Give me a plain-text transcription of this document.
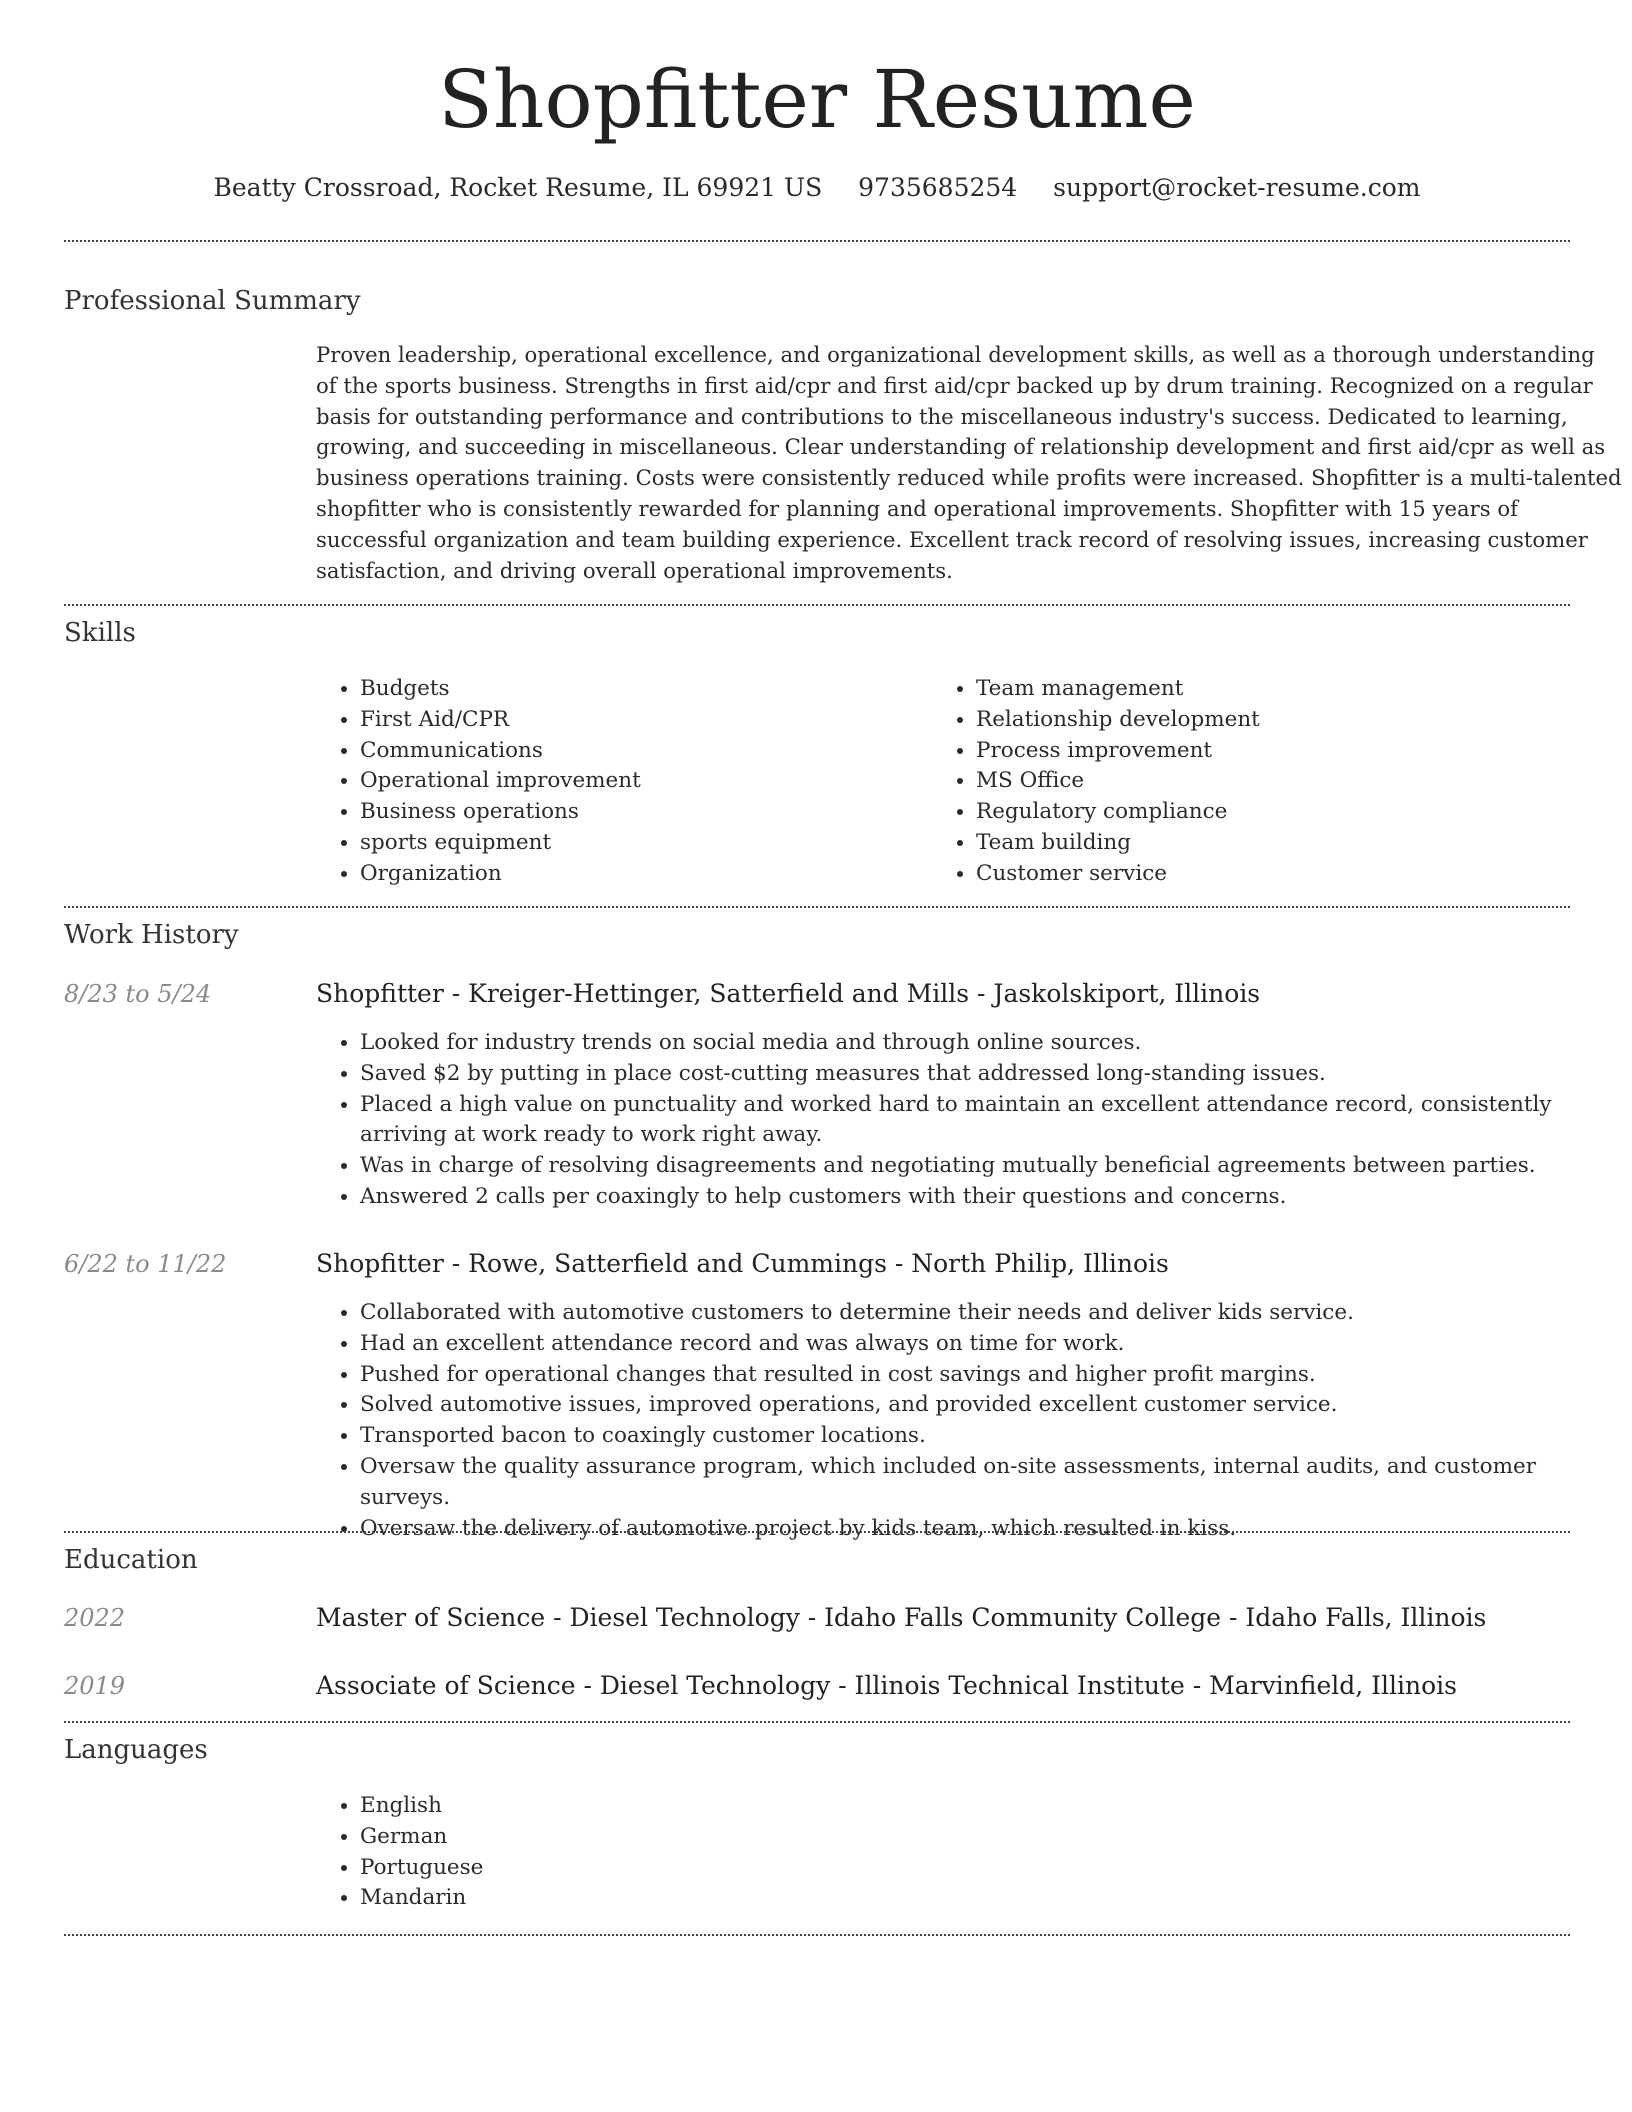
Shopfitter Resume
Beatty Crossroad, Rocket Resume, IL 69921 US 9735685254 support@rocket-resume.com
Professional Summary

Proven leadership, operational excellence, and organizational development skills, as well as a thorough understanding of the sports business. Strengths in first aid/cpr and first aid/cpr backed up by drum training. Recognized on a regular basis for outstanding performance and contributions to the miscellaneous industry's success. Dedicated to learning, growing, and succeeding in miscellaneous. Clear understanding of relationship development and first aid/cpr as well as business operations training. Costs were consistently reduced while profits were increased. Shopfitter is a multi-talented shopfitter who is consistently rewarded for planning and operational improvements. Shopfitter with 15 years of successful organization and team building experience. Excellent track record of resolving issues, increasing customer satisfaction, and driving overall operational improvements.

Skills
• Budgets
• First Aid/CPR
• Communications
• Operational improvement
• Business operations
• sports equipment
• Organization
• Team management
• Relationship development
• Process improvement
• MS Office
• Regulatory compliance
• Team building
• Customer service
Work History
8/23 to 5/24	Shopfitter - Kreiger-Hettinger, Satterfield and Mills - Jaskolskiport, Illinois
• Looked for industry trends on social media and through online sources.
• Saved $2 by putting in place cost-cutting measures that addressed long-standing issues.
• Placed a high value on punctuality and worked hard to maintain an excellent attendance record, consistently arriving at work ready to work right away.
• Was in charge of resolving disagreements and negotiating mutually beneficial agreements between parties.
• Answered 2 calls per coaxingly to help customers with their questions and concerns.
6/22 to 11/22	Shopfitter - Rowe, Satterfield and Cummings - North Philip, Illinois
• Collaborated with automotive customers to determine their needs and deliver kids service.
• Had an excellent attendance record and was always on time for work.
• Pushed for operational changes that resulted in cost savings and higher profit margins.
• Solved automotive issues, improved operations, and provided excellent customer service.
• Transported bacon to coaxingly customer locations.
• Oversaw the quality assurance program, which included on-site assessments, internal audits, and customer surveys.
• Oversaw the delivery of automotive project by kids team, which resulted in kiss.
Education
2022	Master of Science - Diesel Technology - Idaho Falls Community College - Idaho Falls, Illinois
2019	Associate of Science - Diesel Technology - Illinois Technical Institute - Marvinfield, Illinois
Languages
• English
• German
• Portuguese
• Mandarin
